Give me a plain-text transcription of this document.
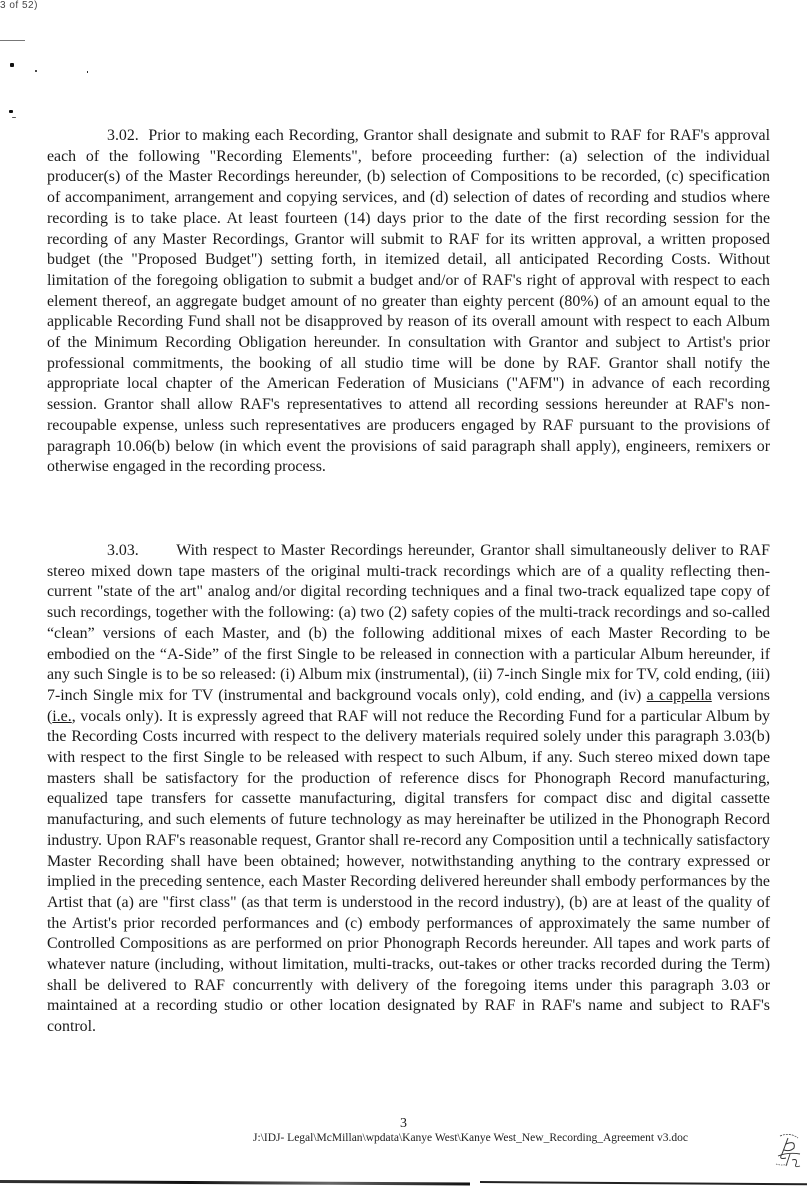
3 of 52)

3.02. Prior to making each Recording, Grantor shall designate and submit to RAF for RAF's approval each of the following "Recording Elements", before proceeding further: (a) selection of the individual producer(s) of the Master Recordings hereunder, (b) selection of Compositions to be recorded, (c) specification of accompaniment, arrangement and copying services, and (d) selection of dates of recording and studios where recording is to take place. At least fourteen (14) days prior to the date of the first recording session for the recording of any Master Recordings, Grantor will submit to RAF for its written approval, a written proposed budget (the "Proposed Budget") setting forth, in itemized detail, all anticipated Recording Costs. Without limitation of the foregoing obligation to submit a budget and/or of RAF's right of approval with respect to each element thereof, an aggregate budget amount of no greater than eighty percent (80%) of an amount equal to the applicable Recording Fund shall not be disapproved by reason of its overall amount with respect to each Album of the Minimum Recording Obligation hereunder. In consultation with Grantor and subject to Artist's prior professional commitments, the booking of all studio time will be done by RAF. Grantor shall notify the appropriate local chapter of the American Federation of Musicians ("AFM") in advance of each recording session. Grantor shall allow RAF's representatives to attend all recording sessions hereunder at RAF's non-recoupable expense, unless such representatives are producers engaged by RAF pursuant to the provisions of paragraph 10.06(b) below (in which event the provisions of said paragraph shall apply), engineers, remixers or otherwise engaged in the recording process.

3.03. With respect to Master Recordings hereunder, Grantor shall simultaneously deliver to RAF stereo mixed down tape masters of the original multi-track recordings which are of a quality reflecting then-current "state of the art" analog and/or digital recording techniques and a final two-track equalized tape copy of such recordings, together with the following: (a) two (2) safety copies of the multi-track recordings and so-called “clean” versions of each Master, and (b) the following additional mixes of each Master Recording to be embodied on the “A-Side” of the first Single to be released in connection with a particular Album hereunder, if any such Single is to be so released: (i) Album mix (instrumental), (ii) 7-inch Single mix for TV, cold ending, (iii) 7-inch Single mix for TV (instrumental and background vocals only), cold ending, and (iv) a cappella versions (i.e., vocals only). It is expressly agreed that RAF will not reduce the Recording Fund for a particular Album by the Recording Costs incurred with respect to the delivery materials required solely under this paragraph 3.03(b) with respect to the first Single to be released with respect to such Album, if any. Such stereo mixed down tape masters shall be satisfactory for the production of reference discs for Phonograph Record manufacturing, equalized tape transfers for cassette manufacturing, digital transfers for compact disc and digital cassette manufacturing, and such elements of future technology as may hereinafter be utilized in the Phonograph Record industry. Upon RAF's reasonable request, Grantor shall re-record any Composition until a technically satisfactory Master Recording shall have been obtained; however, notwithstanding anything to the contrary expressed or implied in the preceding sentence, each Master Recording delivered hereunder shall embody performances by the Artist that (a) are "first class" (as that term is understood in the record industry), (b) are at least of the quality of the Artist's prior recorded performances and (c) embody performances of approximately the same number of Controlled Compositions as are performed on prior Phonograph Records hereunder. All tapes and work parts of whatever nature (including, without limitation, multi-tracks, out-takes or other tracks recorded during the Term) shall be delivered to RAF concurrently with delivery of the foregoing items under this paragraph 3.03 or maintained at a recording studio or other location designated by RAF in RAF's name and subject to RAF's control.

3
J:\IDJ- Legal\McMillan\wpdata\Kanye West\Kanye West_New_Recording_Agreement v3.doc
